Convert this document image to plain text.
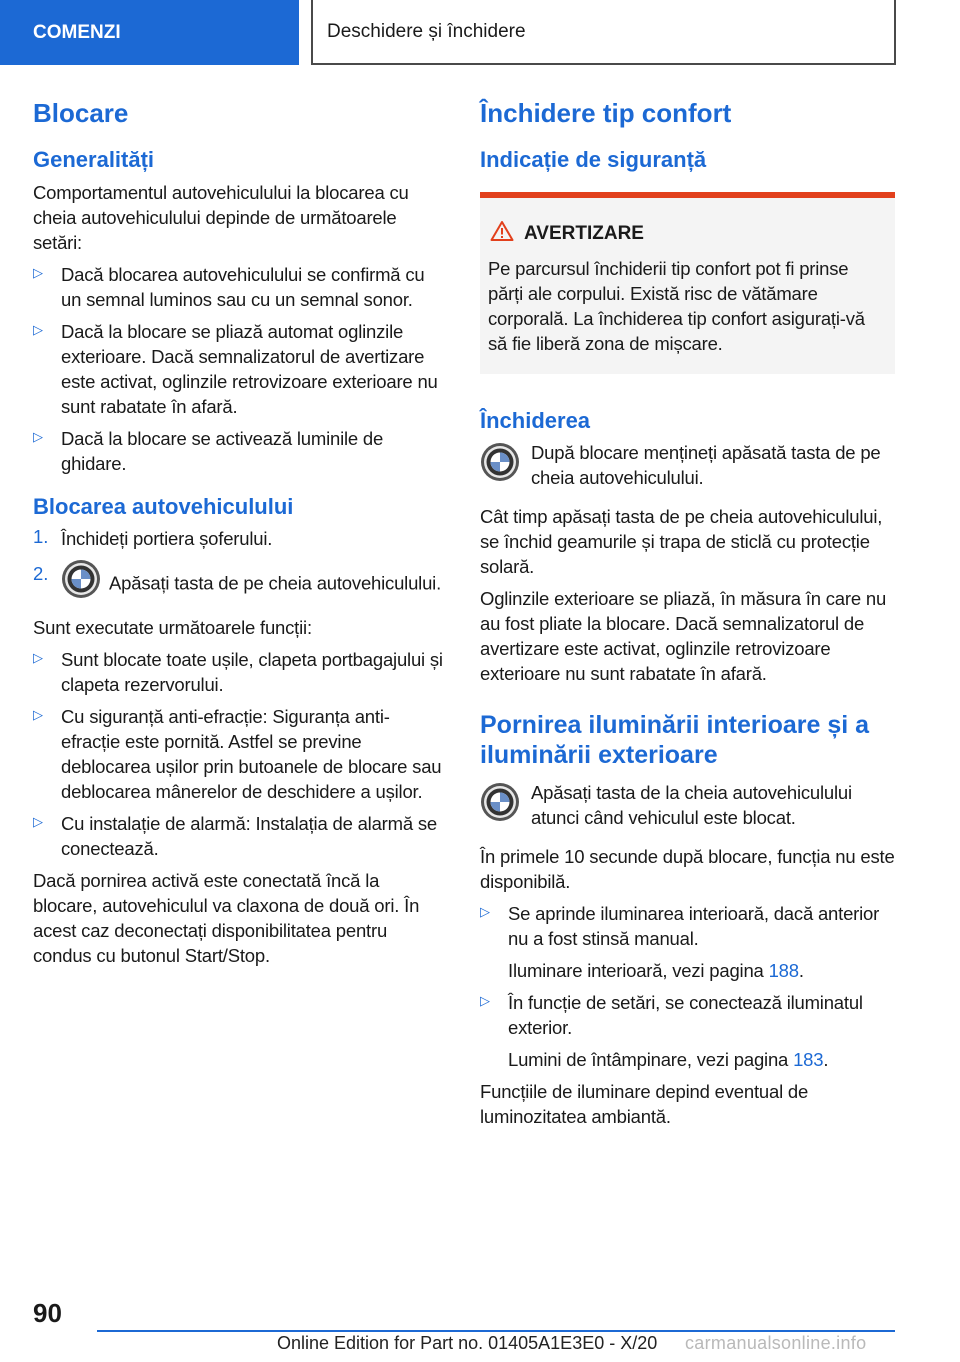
COMENZI	Deschidere și închidere
Blocare
Generalități

Comportamentul autovehiculului la blocarea cu cheia autovehiculului depinde de următoarele setări:

▷ Dacă blocarea autovehiculului se confirmă cu un semnal luminos sau cu un semnal sonor.
▷ Dacă la blocare se pliază automat oglinzile exterioare. Dacă semnalizatorul de avertizare este activat, oglinzile retrovizoare exterioare nu sunt rabatate în afară.
▷ Dacă la blocare se activează luminile de ghidare.
Blocarea autovehiculului
1. Închideți portiera șoferului.
2.	Apăsați tasta de pe cheia autovehiculului.

Sunt executate următoarele funcții:

▷ Sunt blocate toate ușile, clapeta portbagajului și clapeta rezervorului.
▷ Cu siguranță anti-efracție: Siguranța anti-efracție este pornită. Astfel se previne deblocarea ușilor prin butoanele de blocare sau deblocarea mânerelor de deschidere a ușilor.
▷ Cu instalație de alarmă: Instalația de alarmă se conectează.

Dacă pornirea activă este conectată încă la blocare, autovehiculul va claxona de două ori. În acest caz deconectați disponibilitatea pentru condus cu butonul Start/Stop.

Închidere tip confort
Indicație de siguranță
AVERTIZARE

Pe parcursul închiderii tip confort pot fi prinse părți ale corpului. Există risc de vătămare corporală. La închiderea tip confort asigurați-vă să fie liberă zona de mișcare.

Închiderea

După blocare mențineți apăsată tasta de pe cheia autovehiculului.

Cât timp apăsați tasta de pe cheia autovehiculului, se închid geamurile și trapa de sticlă cu protecție solară.

Oglinzile exterioare se pliază, în măsura în care nu au fost pliate la blocare. Dacă semnalizatorul de avertizare este activat, oglinzile retrovizoare exterioare nu sunt rabatate în afară.

Pornirea iluminării interioare și a iluminării exterioare

Apăsați tasta de la cheia autovehiculului atunci când vehiculul este blocat.

În primele 10 secunde după blocare, funcția nu este disponibilă.

▷ Se aprinde iluminarea interioară, dacă anterior nu a fost stinsă manual.

Iluminare interioară, vezi pagina 188.

▷ În funcție de setări, se conectează iluminatul exterior.

Lumini de întâmpinare, vezi pagina 183.

Funcțiile de iluminare depind eventual de luminozitatea ambiantă.

90
Online Edition for Part no. 01405A1E3E0 - X/20 carmanualsonline.info
